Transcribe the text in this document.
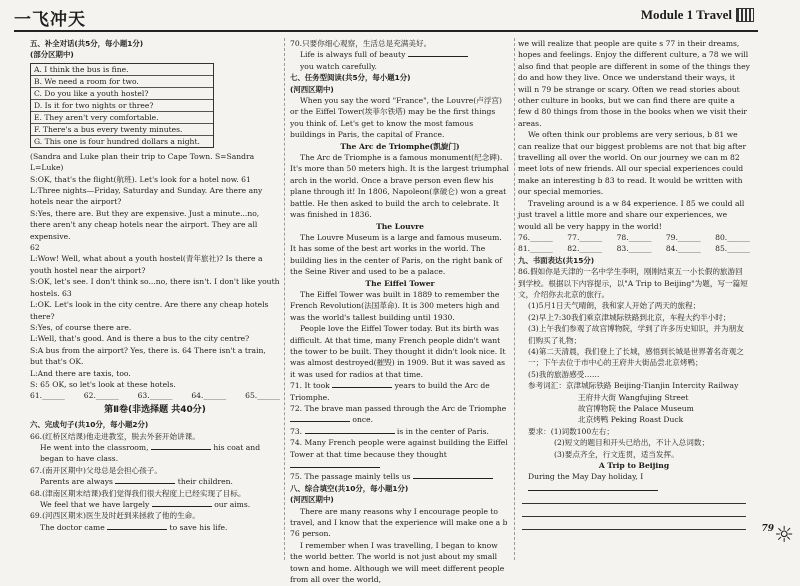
一飞冲天	Module 1 Travel

五、补全对话(共5分，每小题1分)

(部分区期中)

A. I think the bus is fine.
B. We need a room for two.
C. Do you like a youth hostel?
D. Is it for two nights or three?
E. They aren't very comfortable.
F. There's a bus every twenty minutes.
G. This one is four hundred dollars a night.

(Sandra and Luke plan their trip to Cape Town. S=Sandra L=Luke)

S:OK, that's the flight(航班). Let's look for a hotel now. 61

L:Three nights—Friday, Saturday and Sunday. Are there any hotels near the airport?

S:Yes, there are. But they are expensive. Just a minute...no, there aren't any cheap hotels near the airport. They are all expensive.

62

L:Wow! Well, what about a youth hostel(青年旅社)? Is there a youth hostel near the airport?

S:OK, let's see. I don't think so...no, there isn't. I don't like youth hostels. 63

L:OK. Let's look in the city centre. Are there any cheap hotels there?

S:Yes, of course there are.

L:Well, that's good. And is there a bus to the city centre?

S:A bus from the airport? Yes, there is. 64 There isn't a train, but that's OK.

L:And there are taxis, too.

S: 65 OK, so let's look at these hotels.

61.______ 62.______ 63.______ 64.______ 65.______
第Ⅱ卷(非选择题 共40分)

六、完成句子(共10分，每小题2分)

66.(红桥区结课)他走进教室，脱去外套开始讲课。

He went into the classroom,	his coat and

began to have class.

67.(南开区期中)父母总是会担心孩子。

Parents are always	their children.

68.(津南区期末结课)我们觉得我们很大程度上已经实现了目标。

We feel that we have largely	our aims.

69.(河西区期末)医生及时赶到来拯救了他的生命。

The doctor came	to save his life.

70.只要你细心观察，生活总是充满美好。

Life is always full of beauty

you watch carefully.

七、任务型阅读(共5分，每小题1分)

(河西区期中)

When you say the word "France", the Louvre(卢浮宫) or the Eiffel Tower(埃菲尔铁塔) may be the first things you think of. Let's get to know the most famous buildings in Paris, the capital of France.

The Arc de Triomphe(凯旋门)

The Arc de Triomphe is a famous monument(纪念碑). It's more than 50 meters high. It is the largest triumphal arch in the world. Once a brave person even flew his plane through it! In 1806, Napoleon(拿破仑) won a great battle. He then asked to build the arch to celebrate. It was finished in 1836.

The Louvre

The Louvre Museum is a large and famous museum. It has some of the best art works in the world. The building lies in the center of Paris, on the right bank of the Seine River and used to be a palace.

The Eiffel Tower

The Eiffel Tower was built in 1889 to remember the French Revolution(法国革命). It is 300 meters high and was the world's tallest building until 1930.

People love the Eiffel Tower today. But its birth was difficult. At that time, many French people didn't want the tower to be built. They thought it didn't look nice. It was almost destroyed(摧毁) in 1909. But it was saved as it was used for radios at that time.

71. It took	years to build the Arc de Triomphe.

72. The brave man passed through the Arc de Triomphe  once.

73.	is in the center of Paris.

74. Many French people were against building the Eiffel Tower at that time because they thought

75. The passage mainly tells us

八、综合填空(共10分，每小题1分)

(河西区期中)

There are many reasons why I encourage people to travel, and I know that the experience will make one a b 76 person.

I remember when I was travelling, I began to know the world better. The world is not just about my small town and home. Although we will meet different people from all over the world,

we will realize that people are quite s 77 in their dreams, hopes and feelings. Enjoy the different culture, a 78 we will also find that people are different in some of the things they do and how they live. Once we understand their ways, it will n 79 be strange or scary. Often we read stories about other culture in books, but we can find there are quite a few d 80 things from those in the books when we visit their areas.

We often think our problems are very serious, b 81 we can realize that our biggest problems are not that big after travelling all over the world. On our journey we can m 82 meet lots of new friends. All our special experiences could make an interesting b 83 to read. It would be written with our special memories.

Traveling around is a w 84 experience. I 85 we could all just travel a little more and share our experiences, we would all be very happy in the world!

76.______ 77.______ 78.______ 79.______ 80.______
81.______ 82.______ 83.______ 84.______ 85.______

九、书面表达(共15分)

86.假如你是天津的一名中学生李明，刚刚结束五一小长假的旅游回到学校。根据以下内容提示，以"A Trip to Beijing"为题，写一篇短文，介绍你去北京的旅行。

(1)5月1日天气晴朗，我和家人开始了两天的旅程；

(2)早上7:30我们乘京津城际铁路到北京，车程大约半小时；

(3)上午我们参观了故宫博物院，学到了许多历史知识，并为朋友们购买了礼物；

(4)第二天清晨，我们登上了长城，感悟到长城是世界著名奇观之一；下午去位于市中心的王府井大街品尝北京烤鸭；

(5)我的旅游感受……

参考词汇：京津城际铁路 Beijing-Tianjin Intercity Railway

王府井大街 Wangfujing Street

故宫博物院 the Palace Museum

北京烤鸭 Peking Roast Duck

要求：(1)词数100左右；

(2)短文的题目和开头已给出，不计入总词数；

(3)要点齐全，行文连贯，适当发挥。

A Trip to Beijing

During the May Day holiday, I

79 ☼
